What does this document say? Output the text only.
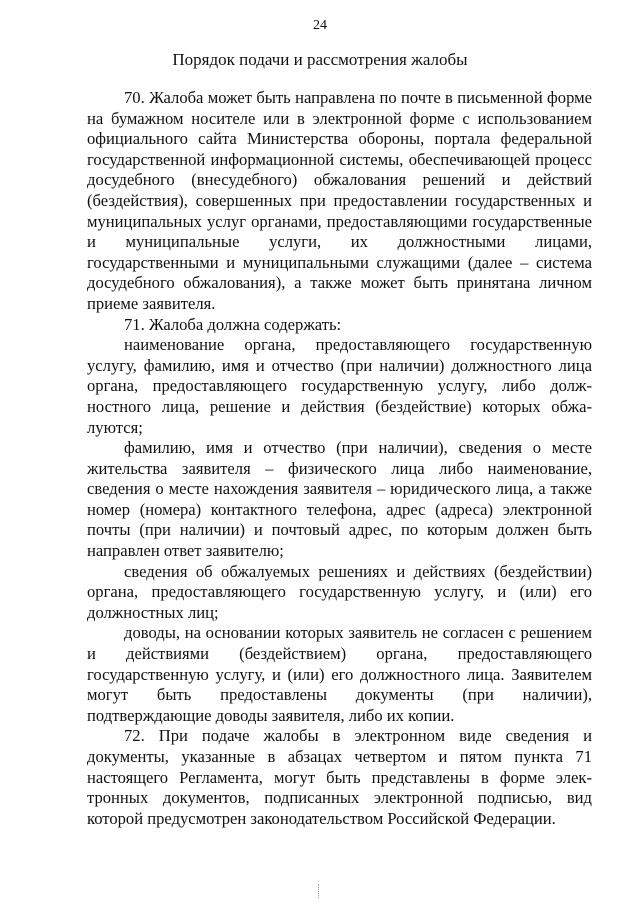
24
Порядок подачи и рассмотрения жалобы

70. Жалоба может быть направлена по почте в письменной форме на бумажном носителе или в электронной форме с использованием официального сайта Министерства обороны, портала федеральной государственной информационной системы, обеспечивающей процесс досудебного (внесудебного) обжалования решений и действий (бездействия), совершенных при предоставлении государственных и муниципальных услуг органами, предоставляющими государственные и муниципальные услуги, их должностными лицами, государственными и муниципальными служащими (далее – система досудебного обжалования), а также может быть принятана личном приеме заявителя.

71. Жалоба должна содержать:

наименование органа, предоставляющего государственную услугу, фамилию, имя и отчество (при наличии) должностного лица органа, предоставляющего государственную услугу, либо должностного лица, решение и действия (бездействие) которых обжалуются;

фамилию, имя и отчество (при наличии), сведения о месте жительства заявителя – физического лица либо наименование, сведения о месте нахождения заявителя – юридического лица, а также номер (номера) контактного телефона, адрес (адреса) электронной почты (при наличии) и почтовый адрес, по которым должен быть направлен ответ заявителю;

сведения об обжалуемых решениях и действиях (бездействии) органа, предоставляющего государственную услугу, и (или) его должностных лиц;

доводы, на основании которых заявитель не согласен с решением и действиями (бездействием) органа, предоставляющего государственную услугу, и (или) его должностного лица. Заявителем могут быть предоставлены документы (при наличии), подтверждающие доводы заявителя, либо их копии.

72. При подаче жалобы в электронном виде сведения и документы, указанные в абзацах четвертом и пятом пункта 71 настоящего Регламента, могут быть представлены в форме электронных документов, подписанных электронной подписью, вид которой предусмотрен законодательством Российской Федерации.
